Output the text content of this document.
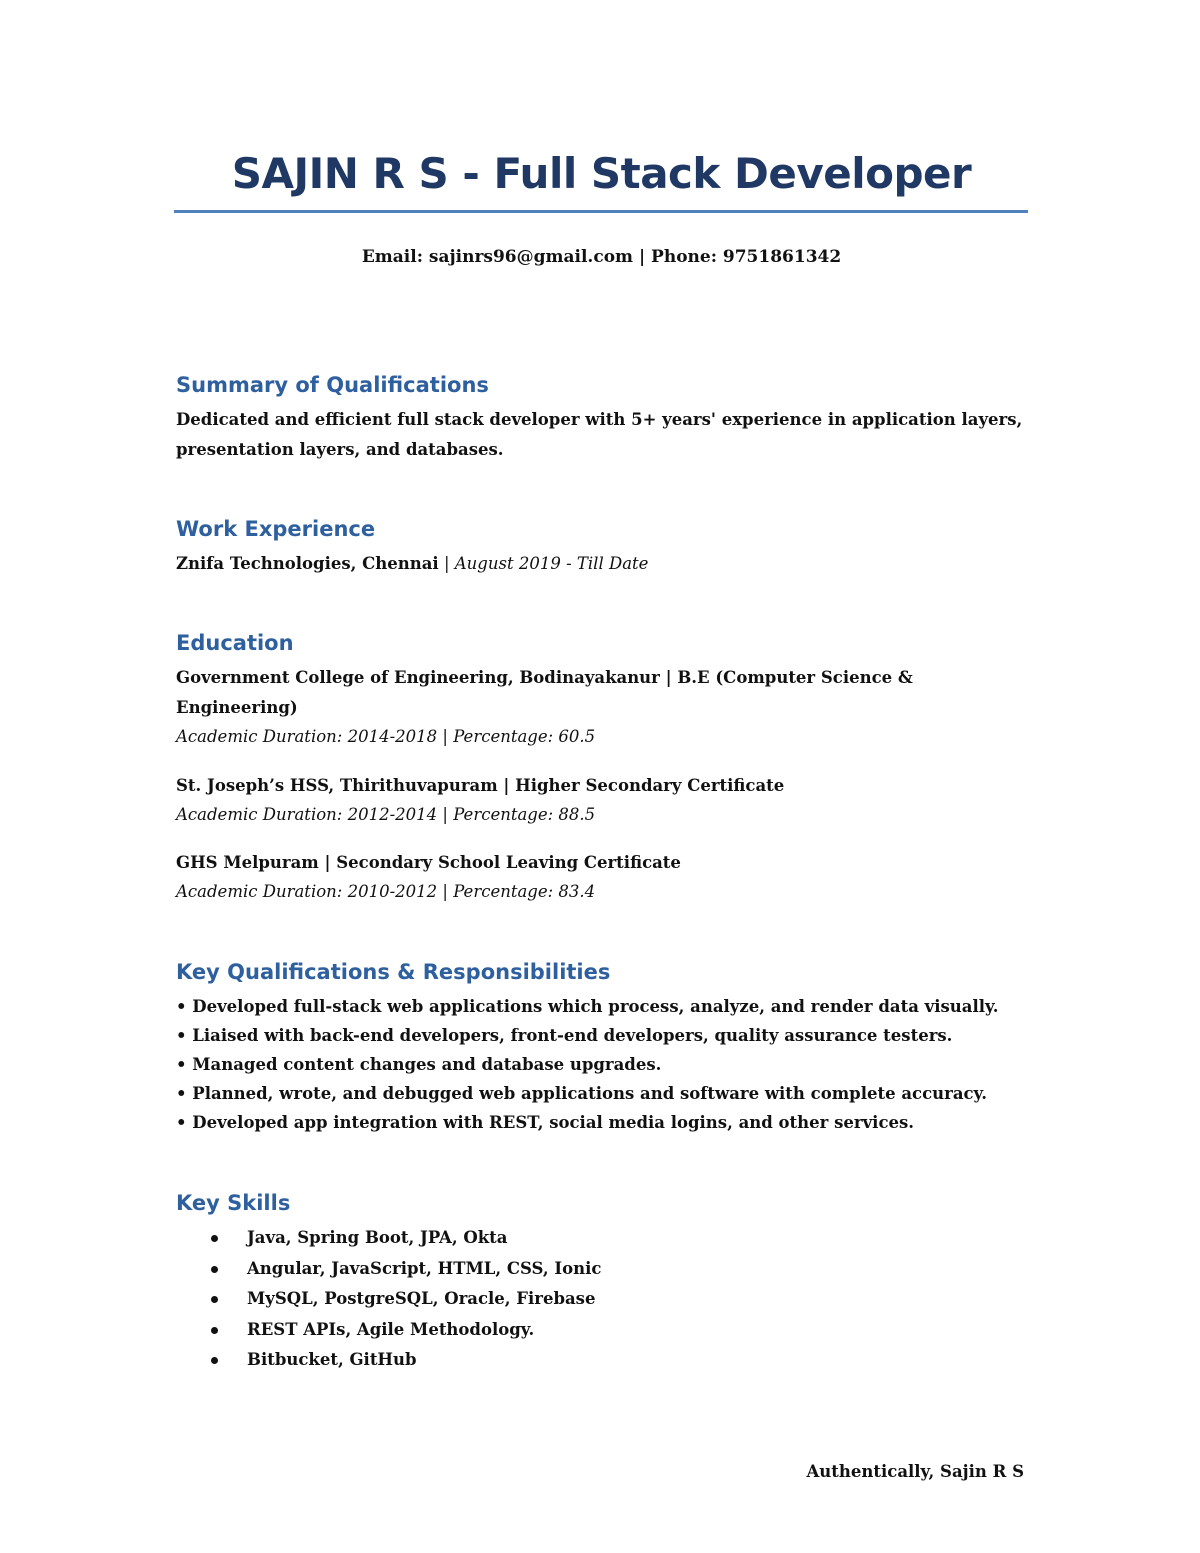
SAJIN R S - Full Stack Developer
Email: sajinrs96@gmail.com | Phone: 9751861342
Summary of Qualifications
Dedicated and efficient full stack developer with 5+ years' experience in application layers,
presentation layers, and databases.
Work Experience
Znifa Technologies, Chennai | August 2019 - Till Date
Education
Government College of Engineering, Bodinayakanur | B.E (Computer Science &
Engineering)
Academic Duration: 2014-2018 | Percentage: 60.5
St. Joseph’s HSS, Thirithuvapuram | Higher Secondary Certificate
Academic Duration: 2012-2014 | Percentage: 88.5
GHS Melpuram | Secondary School Leaving Certificate
Academic Duration: 2010-2012 | Percentage: 83.4
Key Qualifications & Responsibilities
• Developed full-stack web applications which process, analyze, and render data visually.
• Liaised with back-end developers, front-end developers, quality assurance testers.
• Managed content changes and database upgrades.
• Planned, wrote, and debugged web applications and software with complete accuracy.
• Developed app integration with REST, social media logins, and other services.
Key Skills
Java, Spring Boot, JPA, Okta
Angular, JavaScript, HTML, CSS, Ionic
MySQL, PostgreSQL, Oracle, Firebase
REST APIs, Agile Methodology.
Bitbucket, GitHub
Authentically, Sajin R S
